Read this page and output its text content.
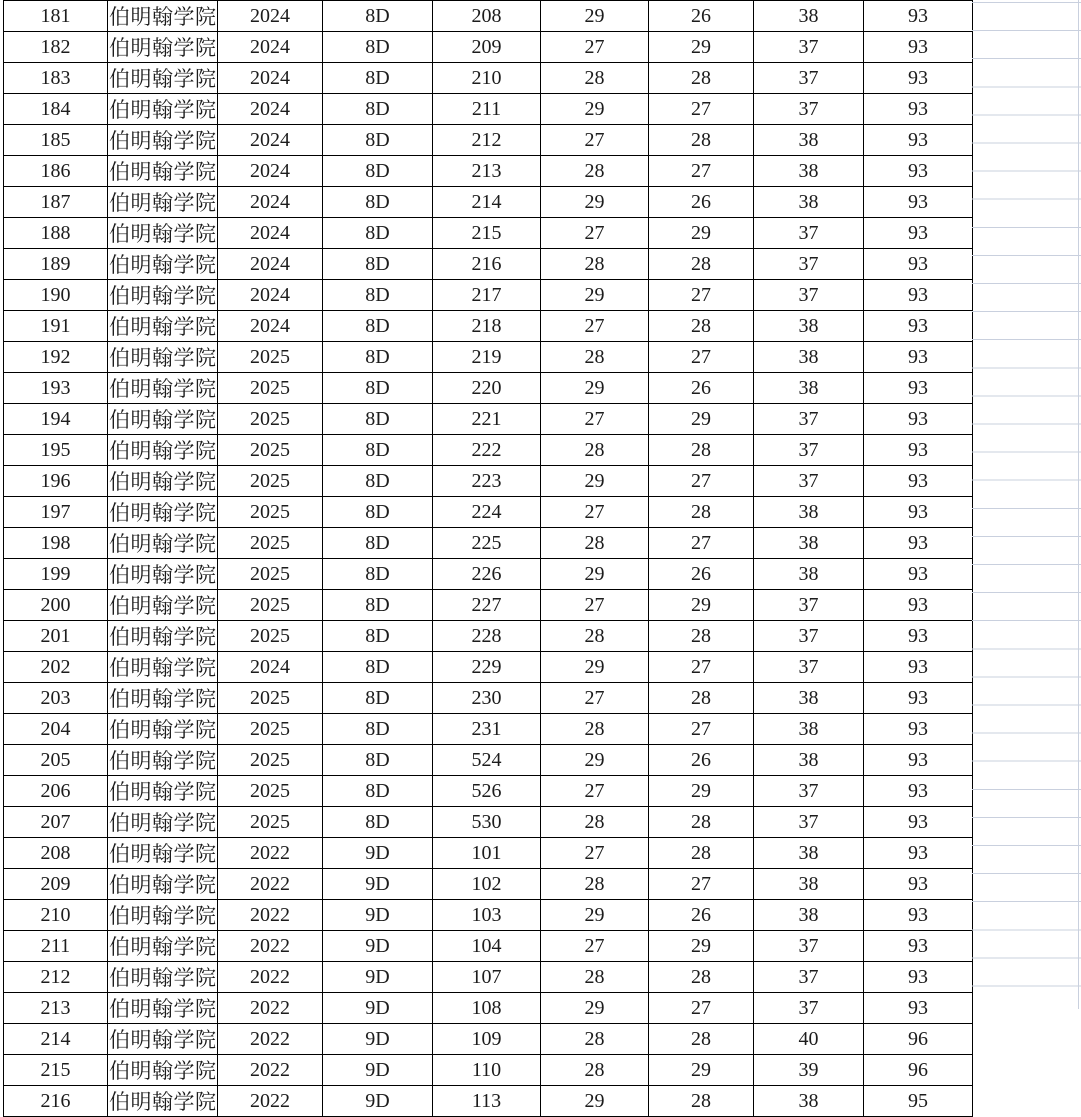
181	伯明翰学院	2024	8D	208	29	26	38	93
182	伯明翰学院	2024	8D	209	27	29	37	93
183	伯明翰学院	2024	8D	210	28	28	37	93
184	伯明翰学院	2024	8D	211	29	27	37	93
185	伯明翰学院	2024	8D	212	27	28	38	93
186	伯明翰学院	2024	8D	213	28	27	38	93
187	伯明翰学院	2024	8D	214	29	26	38	93
188	伯明翰学院	2024	8D	215	27	29	37	93
189	伯明翰学院	2024	8D	216	28	28	37	93
190	伯明翰学院	2024	8D	217	29	27	37	93
191	伯明翰学院	2024	8D	218	27	28	38	93
192	伯明翰学院	2025	8D	219	28	27	38	93
193	伯明翰学院	2025	8D	220	29	26	38	93
194	伯明翰学院	2025	8D	221	27	29	37	93
195	伯明翰学院	2025	8D	222	28	28	37	93
196	伯明翰学院	2025	8D	223	29	27	37	93
197	伯明翰学院	2025	8D	224	27	28	38	93
198	伯明翰学院	2025	8D	225	28	27	38	93
199	伯明翰学院	2025	8D	226	29	26	38	93
200	伯明翰学院	2025	8D	227	27	29	37	93
201	伯明翰学院	2025	8D	228	28	28	37	93
202	伯明翰学院	2024	8D	229	29	27	37	93
203	伯明翰学院	2025	8D	230	27	28	38	93
204	伯明翰学院	2025	8D	231	28	27	38	93
205	伯明翰学院	2025	8D	524	29	26	38	93
206	伯明翰学院	2025	8D	526	27	29	37	93
207	伯明翰学院	2025	8D	530	28	28	37	93
208	伯明翰学院	2022	9D	101	27	28	38	93
209	伯明翰学院	2022	9D	102	28	27	38	93
210	伯明翰学院	2022	9D	103	29	26	38	93
211	伯明翰学院	2022	9D	104	27	29	37	93
212	伯明翰学院	2022	9D	107	28	28	37	93
213	伯明翰学院	2022	9D	108	29	27	37	93
214	伯明翰学院	2022	9D	109	28	28	40	96
215	伯明翰学院	2022	9D	110	28	29	39	96
216	伯明翰学院	2022	9D	113	29	28	38	95
